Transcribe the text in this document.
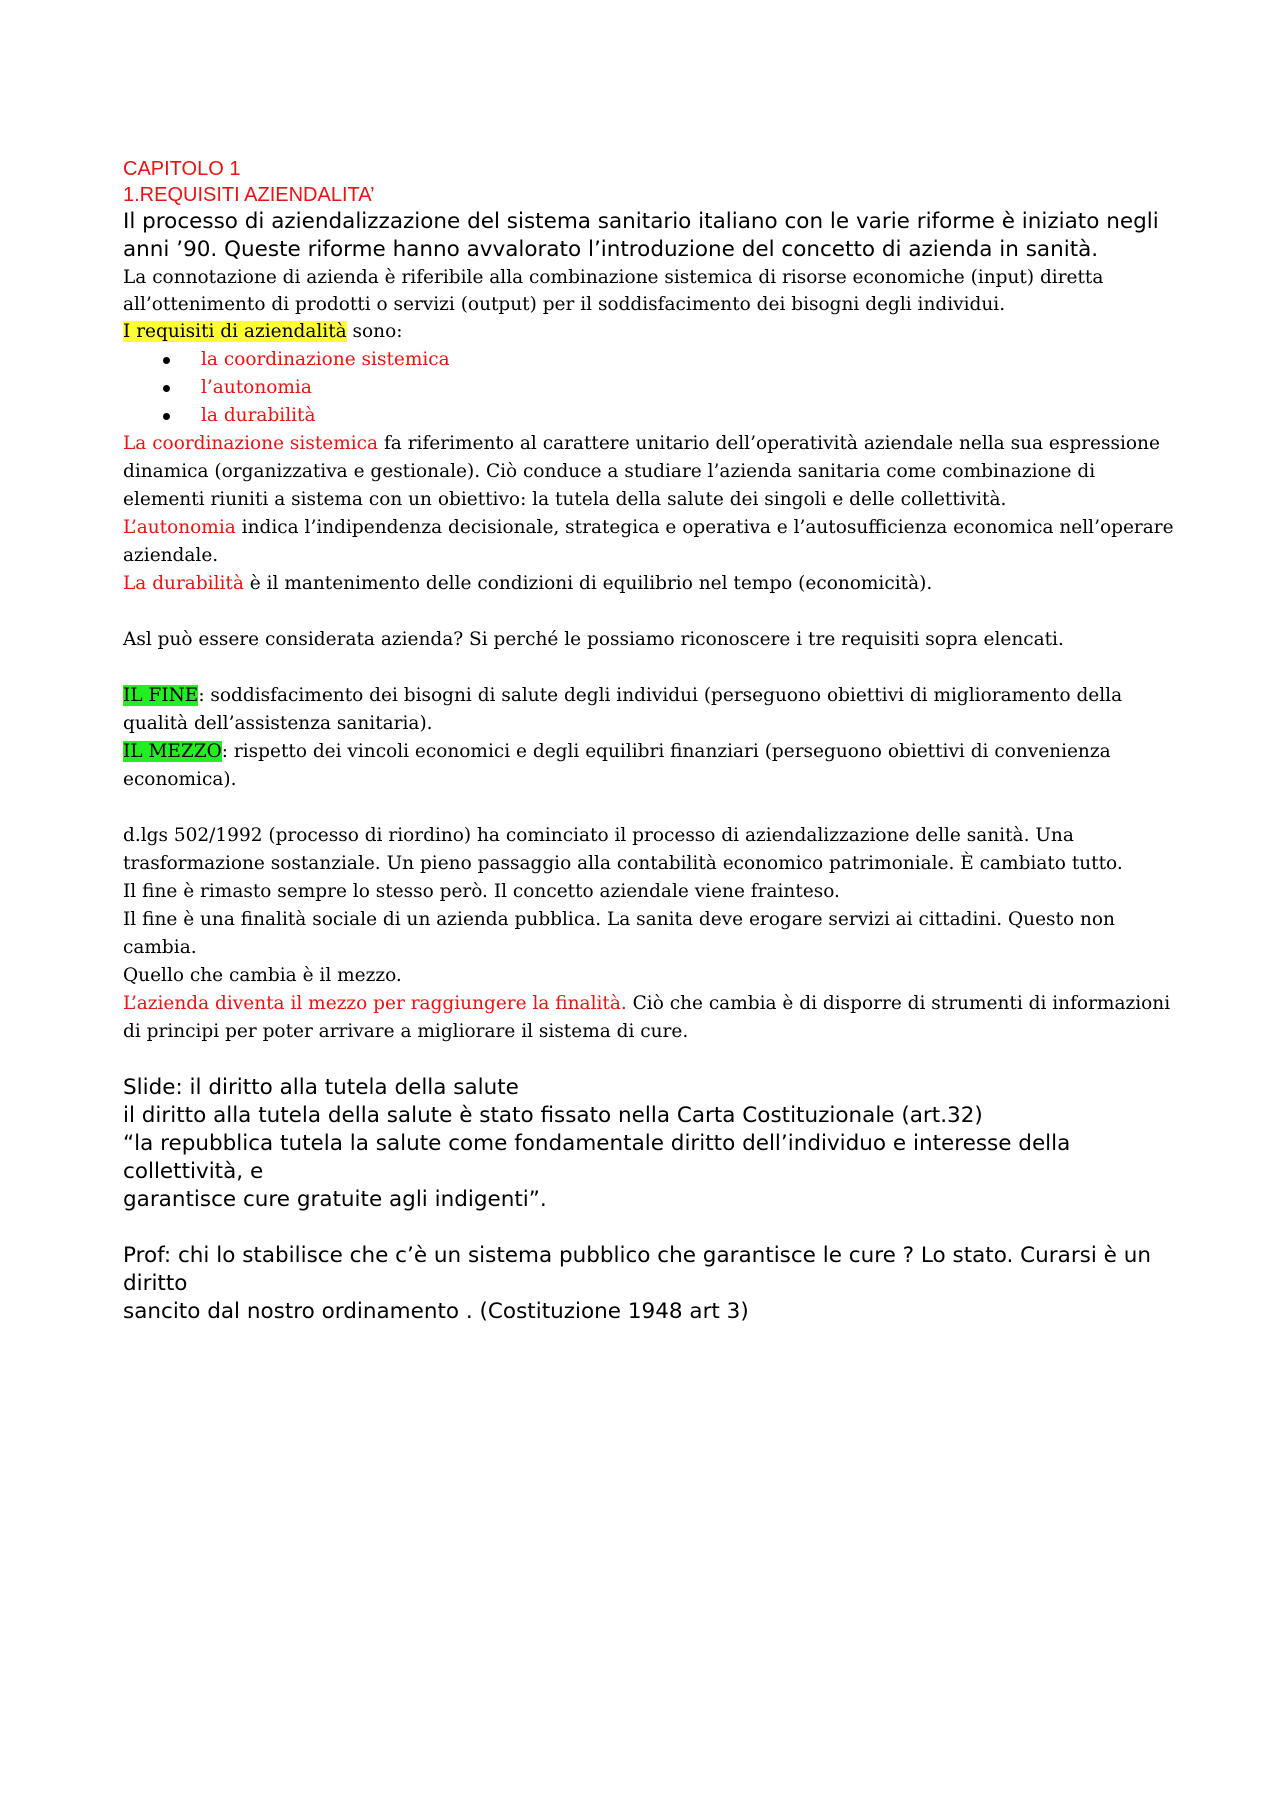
CAPITOLO 1

1.REQUISITI AZIENDALITA’

Il processo di aziendalizzazione del sistema sanitario italiano con le varie riforme è iniziato negli anni ’90. Queste riforme hanno avvalorato l’introduzione del concetto di azienda in sanità.

La connotazione di azienda è riferibile alla combinazione sistemica di risorse economiche (input) diretta all’ottenimento di prodotti o servizi (output) per il soddisfacimento dei bisogni degli individui.

I requisiti di aziendalità sono:

la coordinazione sistemica
l’autonomia
la durabilità

La coordinazione sistemica fa riferimento al carattere unitario dell’operatività aziendale nella sua espressione dinamica (organizzativa e gestionale). Ciò conduce a studiare l’azienda sanitaria come combinazione di elementi riuniti a sistema con un obiettivo: la tutela della salute dei singoli e delle collettività.

L’autonomia indica l’indipendenza decisionale, strategica e operativa e l’autosufficienza economica nell’operare aziendale.

La durabilità è il mantenimento delle condizioni di equilibrio nel tempo (economicità).

Asl può essere considerata azienda? Si perché le possiamo riconoscere i tre requisiti sopra elencati.

IL FINE: soddisfacimento dei bisogni di salute degli individui (perseguono obiettivi di miglioramento della qualità dell’assistenza sanitaria).

IL MEZZO: rispetto dei vincoli economici e degli equilibri finanziari (perseguono obiettivi di convenienza economica).

d.lgs 502/1992 (processo di riordino) ha cominciato il processo di aziendalizzazione delle sanità. Una trasformazione sostanziale. Un pieno passaggio alla contabilità economico patrimoniale. È cambiato tutto.

Il fine è rimasto sempre lo stesso però. Il concetto aziendale viene frainteso.

Il fine è una finalità sociale di un azienda pubblica. La sanita deve erogare servizi ai cittadini. Questo non cambia.

Quello che cambia è il mezzo.

L’azienda diventa il mezzo per raggiungere la finalità. Ciò che cambia è di disporre di strumenti di informazioni di principi per poter arrivare a migliorare il sistema di cure.

Slide: il diritto alla tutela della salute

il diritto alla tutela della salute è stato fissato nella Carta Costituzionale (art.32)

“la repubblica tutela la salute come fondamentale diritto dell’individuo e interesse della collettività, e

garantisce cure gratuite agli indigenti”.

Prof: chi lo stabilisce che c’è un sistema pubblico che garantisce le cure ? Lo stato. Curarsi è un diritto

sancito dal nostro ordinamento . (Costituzione 1948 art 3)
